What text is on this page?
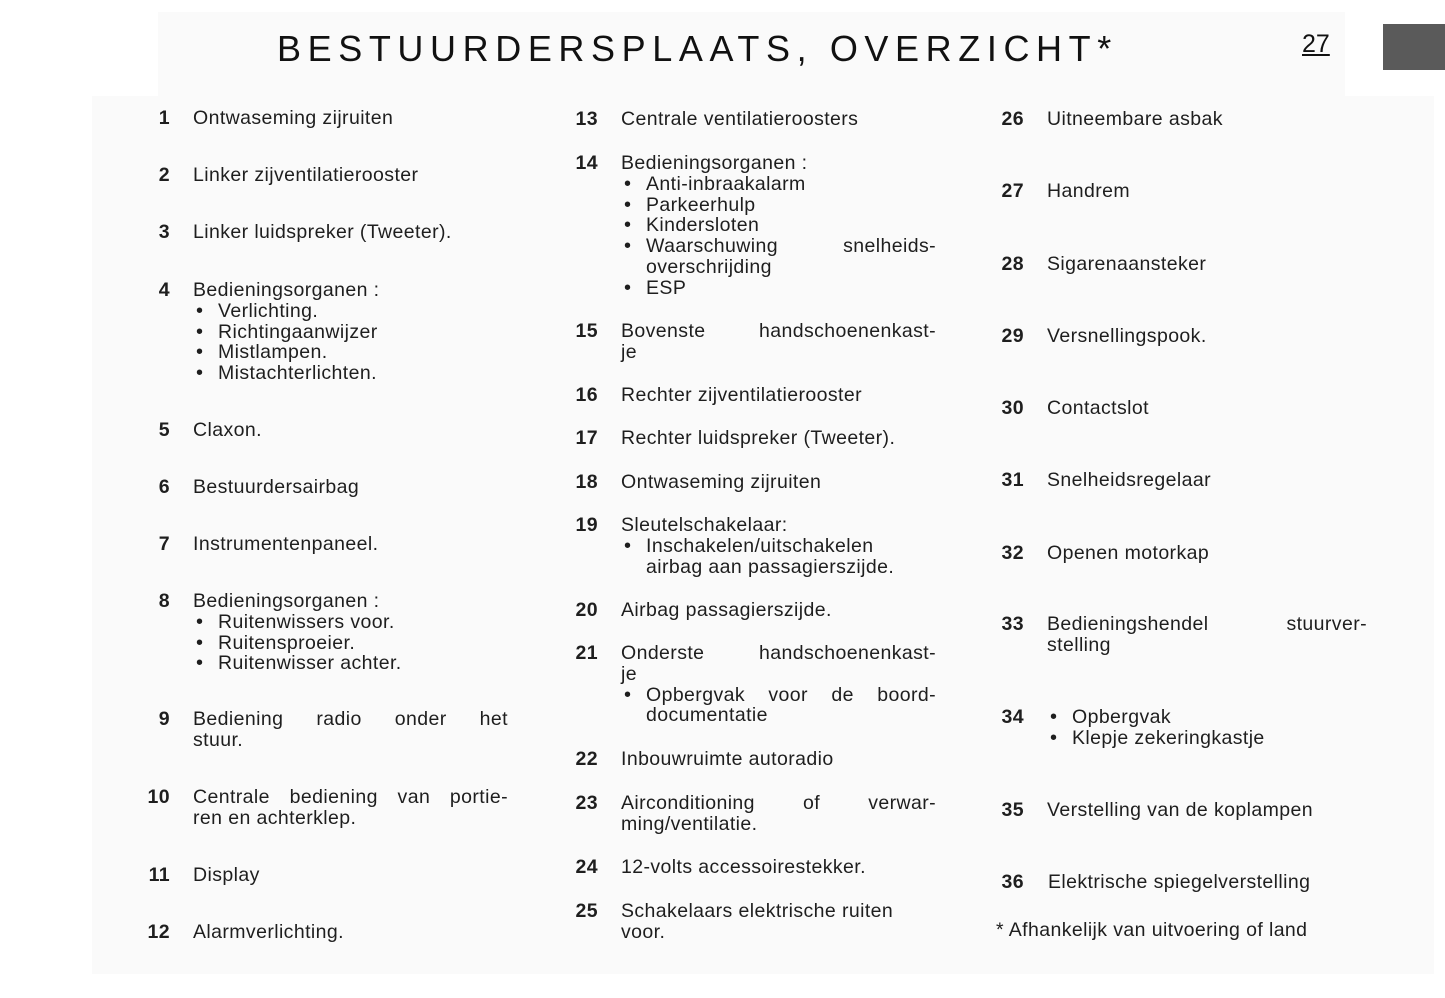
BESTUURDERSPLAATS, OVERZICHT*	27
1 Ontwaseming zijruiten
2 Linker zijventilatierooster
3 Linker luidspreker (Tweeter).
4 Bedieningsorganen :
• Verlichting.
• Richtingaanwijzer
• Mistlampen.
• Mistachterlichten.
5 Claxon.
6 Bestuurdersairbag
7 Instrumentenpaneel.
8 Bedieningsorganen :
• Ruitenwissers voor.
• Ruitensproeier.
• Ruitenwisser achter.
9 Bediening radio onder het
stuur.
10 Centrale bediening van portie-
ren en achterklep.
11 Display
12 Alarmverlichting.
13 Centrale ventilatieroosters
14 Bedieningsorganen :
• Anti-inbraakalarm
• Parkeerhulp
• Kindersloten
• Waarschuwing snelheids-
overschrijding
• ESP
15 Bovenste handschoenenkast-
je
16 Rechter zijventilatierooster
17 Rechter luidspreker (Tweeter).
18 Ontwaseming zijruiten
19 Sleutelschakelaar:
• Inschakelen/uitschakelen
airbag aan passagierszijde.
20 Airbag passagierszijde.
21 Onderste handschoenenkast-
je
• Opbergvak voor de boord-
documentatie
22 Inbouwruimte autoradio
23 Airconditioning of verwar-
ming/ventilatie.
24 12-volts accessoirestekker.
25 Schakelaars elektrische ruiten
voor.
26 Uitneembare asbak
27 Handrem
28 Sigarenaansteker
29 Versnellingspook.
30 Contactslot
31 Snelheidsregelaar
32 Openen motorkap
33 Bedieningshendel stuurver-
stelling
34
•	Opbergvak
• Klepje zekeringkastje
35 Verstelling van de koplampen
36 Elektrische spiegelverstelling
* Afhankelijk van uitvoering of land
